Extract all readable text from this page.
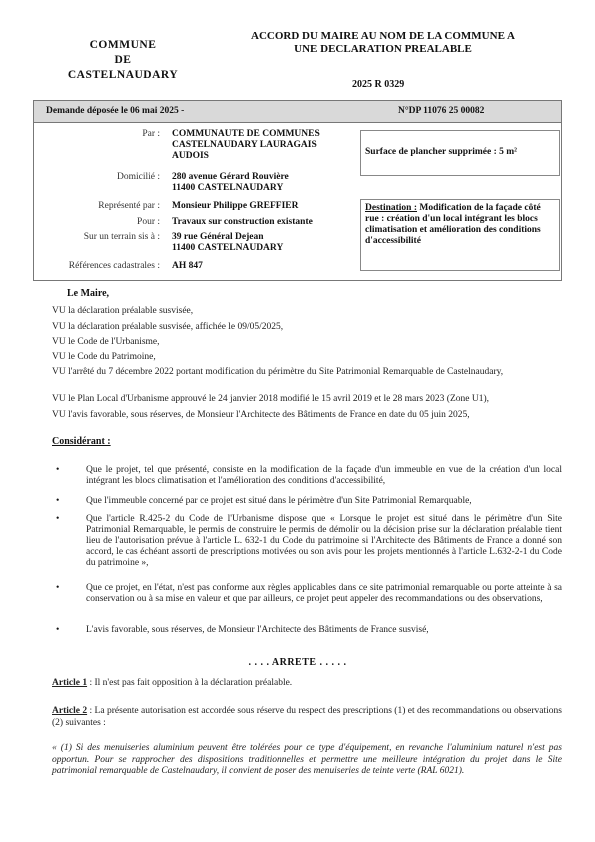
COMMUNE
DE
CASTELNAUDARY
ACCORD DU MAIRE AU NOM DE LA COMMUNE A
UNE DECLARATION PREALABLE
2025 R 0329
Demande déposée le 06 mai 2025 -	N°DP 11076 25 00082
Par : COMMUNAUTE DE COMMUNES
CASTELNAUDARY LAURAGAIS
AUDOIS
Domicilié : 280 avenue Gérard Rouvière
11400 CASTELNAUDARY
Représenté par : Monsieur Philippe GREFFIER
Pour : Travaux sur construction existante
Sur un terrain sis à : 39 rue Général Dejean
11400 CASTELNAUDARY
Références cadastrales : AH 847
Surface de plancher supprimée : 5 m²
Destination : Modification de la façade côté rue : création d'un local intégrant les blocs climatisation et amélioration des conditions d'accessibilité
Le Maire,
VU la déclaration préalable susvisée,
VU la déclaration préalable susvisée, affichée le 09/05/2025,
VU le Code de l'Urbanisme,
VU le Code du Patrimoine,
VU l'arrêté du 7 décembre 2022 portant modification du périmètre du Site Patrimonial Remarquable de Castelnaudary,
VU le Plan Local d'Urbanisme approuvé le 24 janvier 2018 modifié le 15 avril 2019 et le 28 mars 2023 (Zone U1),
VU l'avis favorable, sous réserves, de Monsieur l'Architecte des Bâtiments de France en date du 05 juin 2025,
Considérant :
•	Que le projet, tel que présenté, consiste en la modification de la façade d'un immeuble en vue de la création d'un local intégrant les blocs climatisation et l'amélioration des conditions d'accessibilité,
•	Que l'immeuble concerné par ce projet est situé dans le périmètre d'un Site Patrimonial Remarquable,
•	Que l'article R.425-2 du Code de l'Urbanisme dispose que « Lorsque le projet est situé dans le périmètre d'un Site Patrimonial Remarquable, le permis de construire le permis de démolir ou la décision prise sur la déclaration préalable tient lieu de l'autorisation prévue à l'article L. 632-1 du Code du patrimoine si l'Architecte des Bâtiments de France a donné son accord, le cas échéant assorti de prescriptions motivées ou son avis pour les projets mentionnés à l'article L.632-2-1 du Code du patrimoine »,
•	Que ce projet, en l'état, n'est pas conforme aux règles applicables dans ce site patrimonial remarquable ou porte atteinte à sa conservation ou à sa mise en valeur et que par ailleurs, ce projet peut appeler des recommandations ou des observations,
•	L'avis favorable, sous réserves, de Monsieur l'Architecte des Bâtiments de France susvisé,
. . . . ARRETE . . . . .
Article 1 : Il n'est pas fait opposition à la déclaration préalable.
Article 2 : La présente autorisation est accordée sous réserve du respect des prescriptions (1) et des recommandations ou observations (2) suivantes :
« (1) Si des menuiseries aluminium peuvent être tolérées pour ce type d'équipement, en revanche l'aluminium naturel n'est pas opportun. Pour se rapprocher des dispositions traditionnelles et permettre une meilleure intégration du projet dans le Site patrimonial remarquable de Castelnaudary, il convient de poser des menuiseries de teinte verte (RAL 6021).
